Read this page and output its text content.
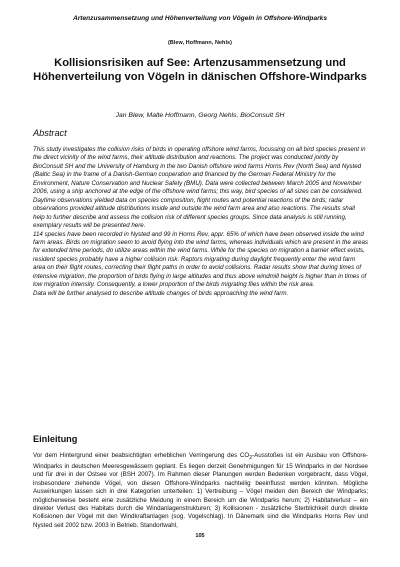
Artenzusammensetzung und Höhenverteilung von Vögeln in Offshore-Windparks
(Blew, Hoffmann, Nehls)
Kollisionsrisiken auf See: Artenzusammensetzung und Höhenverteilung von Vögeln in dänischen Offshore-Windparks
Jan Blew, Malte Hoffmann, Georg Nehls, BioConsult SH
Abstract

This study investigates the collision risks of birds in operating offshore wind farms, focussing on all bird species present in the direct vicinity of the wind farms, their altitude distribution and reactions. The project was conducted jointly by BioConsult SH and the University of Hamburg in the two Danish offshore wind farms Horns Rev (North Sea) and Nysted (Baltic Sea) in the frame of a Danish-German cooperation and financed by the German Federal Ministry for the Environment, Nature Conservation and Nuclear Safety (BMU). Data were collected between March 2005 and November 2006, using a ship anchored at the edge of the offshore wind farms; this way, bird species of all sizes can be considered. Daytime observations yielded data on species composition, flight routes and potential reactions of the birds; radar observations provided altitude distributions inside and outside the wind farm area and also reactions. The results shall help to further describe and assess the collision risk of different species groups. Since data analysis is still running, exemplary results will be presented here.

114 species have been recorded in Nysted and 99 in Horns Rev, appr. 65% of which have been observed inside the wind farm areas. Birds on migration seem to avoid flying into the wind farms, whereas individuals which are present in the areas for extended time periods, do utilize areas within the wind farms. While for the species on migration a barrier effect exists, resident species probably have a higher collision risk. Raptors migrating during daylight frequently enter the wind farm area on their flight routes, correcting their flight paths in order to avoid collisions. Radar results show that during times of intensive migration, the proportion of birds flying in large altitudes and thus above windmill height is higher than in times of low migration intensity. Consequently, a lower proportion of the birds migrating flies within the risk area.

Data will be further analysed to describe altitude changes of birds approaching the wind farm.

Einleitung
Vor dem Hintergrund einer beabsichtigten erheblichen Verringerung des $CO_2$-Ausstoßes ist ein Ausbau von Offshore-Windparks in deutschen Meeresgewässern geplant. Es liegen derzeit Genehmigungen für 15 Windparks in der Nordsee und für drei in der Ostsee vor (BSH 2007). Im Rahmen dieser Planungen werden Bedenken vorgebracht, dass Vögel, insbesondere ziehende Vögel, von diesen Offshore-Windparks nachteilig beeinflusst werden könnten. Mögliche Auswirkungen lassen sich in drei Kategorien unterteilen: 1) Vertreibung – Vögel meiden den Bereich der Windparks; möglicherweise besteht eine zusätzliche Meidung in einem Bereich um die Windparks herum; 2) Habitatverlust – ein direkter Verlust des Habitats durch die Windanlagenstrukturen; 3) Kollisionen - zusätzliche Sterblichkeit durch direkte Kollisionen der Vögel mit den Windkraftanlagen (sog. Vogelschlag). In Dänemark sind die Windparks Horns Rev und Nysted seit 2002 bzw. 2003 in Betrieb. Standortwahl,
105
